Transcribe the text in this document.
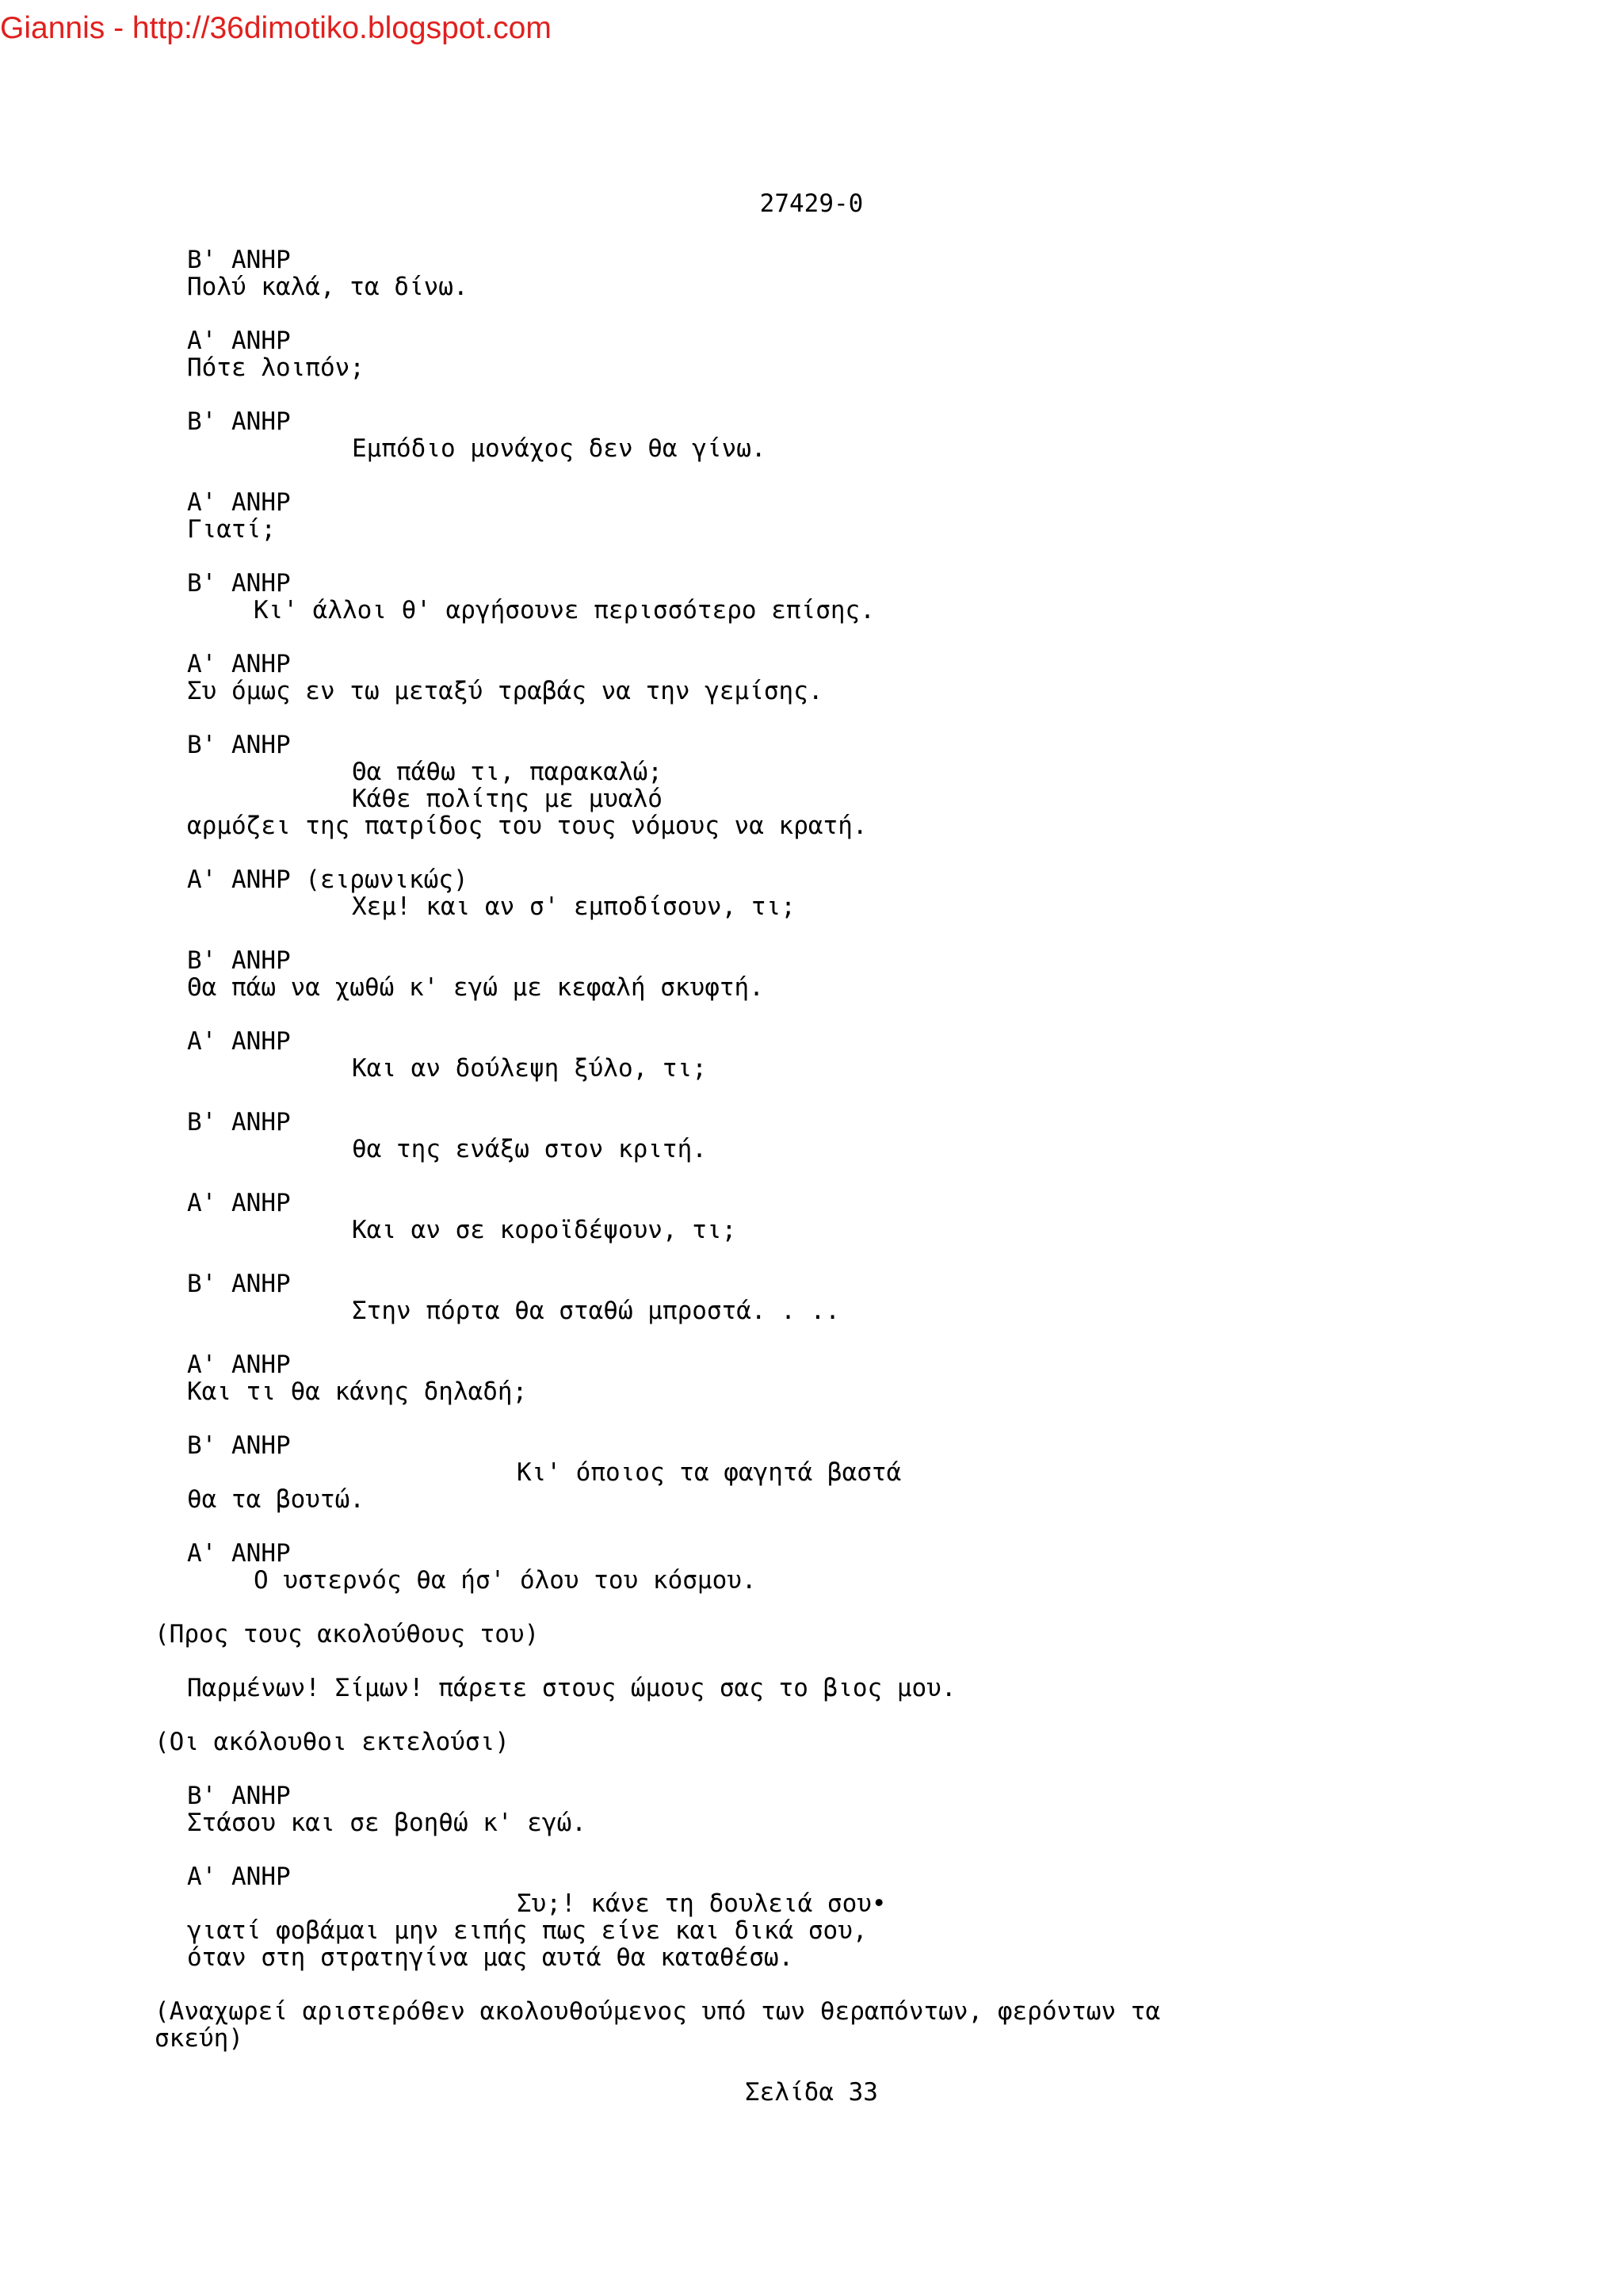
Giannis - http://36dimotiko.blogspot.com
27429-0
Β' ΑΝΗΡ
Πολύ καλά, τα δίνω.
Α' ΑΝΗΡ
Πότε λοιπόν;
Β' ΑΝΗΡ
Εμπόδιο μονάχος δεν θα γίνω.
Α' ΑΝΗΡ
Γιατί;
Β' ΑΝΗΡ
Κι' άλλοι θ' αργήσουνε περισσότερο επίσης.
Α' ΑΝΗΡ
Συ όμως εν τω μεταξύ τραβάς να την γεμίσης.
Β' ΑΝΗΡ
Θα πάθω τι, παρακαλώ;
Κάθε πολίτης με μυαλό
αρμόζει της πατρίδος του τους νόμους να κρατή.
Α' ΑΝΗΡ (ειρωνικώς)
Χεμ! και αν σ' εμποδίσουν, τι;
Β' ΑΝΗΡ
Θα πάω να χωθώ κ' εγώ με κεφαλή σκυφτή.
Α' ΑΝΗΡ
Και αν δούλεψη ξύλο, τι;
Β' ΑΝΗΡ
θα της ενάξω στον κριτή.
Α' ΑΝΗΡ
Και αν σε κοροϊδέψουν, τι;
Β' ΑΝΗΡ
Στην πόρτα θα σταθώ μπροστά. . ..
Α' ΑΝΗΡ
Και τι θα κάνης δηλαδή;
Β' ΑΝΗΡ
Κι' όποιος τα φαγητά βαστά
θα τα βουτώ.
Α' ΑΝΗΡ
Ο υστερνός θα ήσ' όλου του κόσμου.
(Προς τους ακολούθους του)
Παρμένων! Σίμων! πάρετε στους ώμους σας το βιος μου.
(Οι ακόλουθοι εκτελούσι)
Β' ΑΝΗΡ
Στάσου και σε βοηθώ κ' εγώ.
Α' ΑΝΗΡ
Συ;! κάνε τη δουλειά σου•
γιατί φοβάμαι μην ειπής πως είνε και δικά σου,
όταν στη στρατηγίνα μας αυτά θα καταθέσω.
(Αναχωρεί αριστερόθεν ακολουθούμενος υπό των θεραπόντων, φερόντων τα
σκεύη)
Σελίδα 33
